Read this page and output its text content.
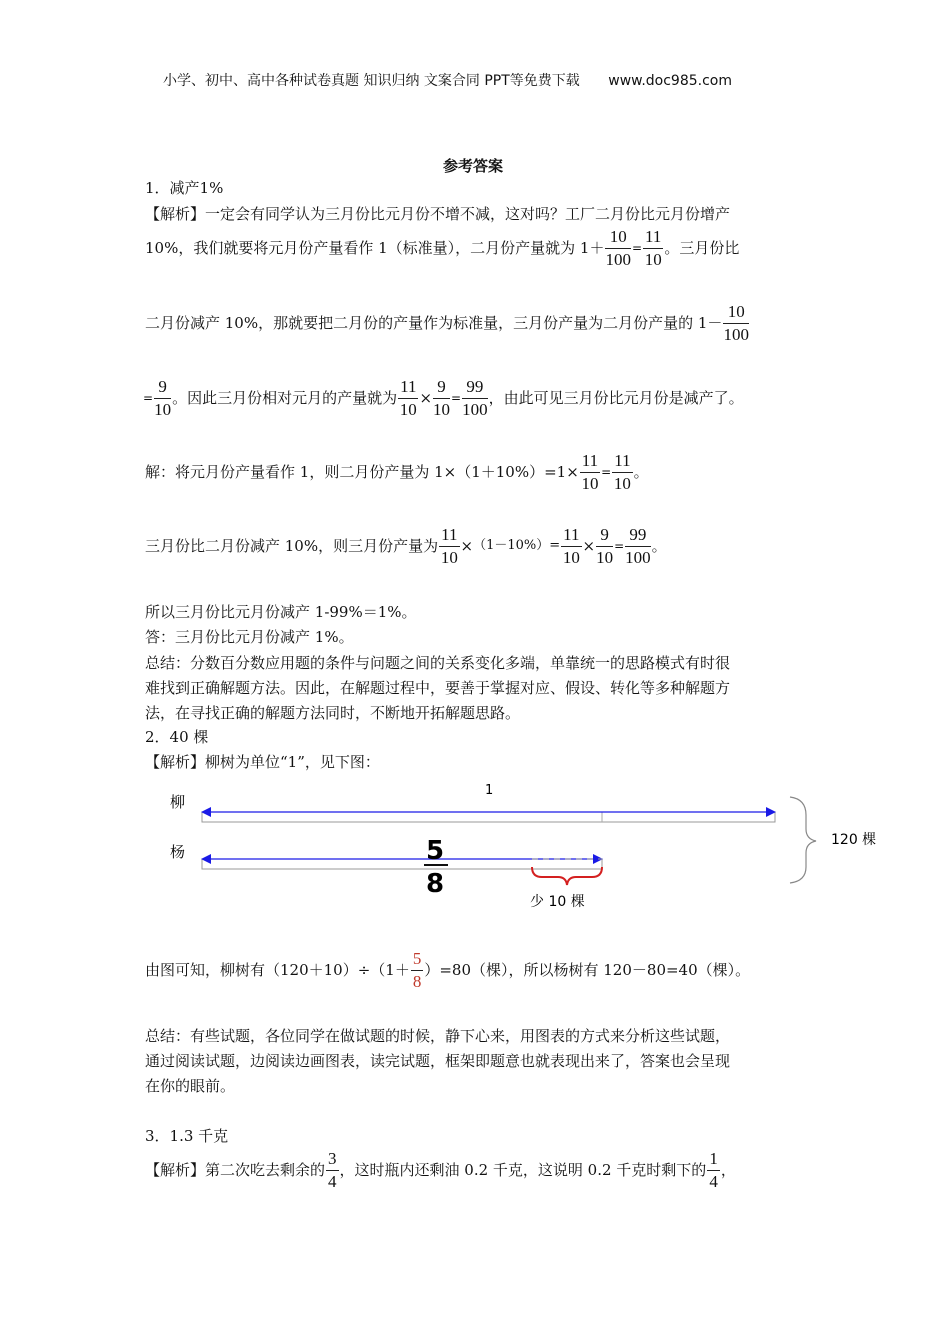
小学、初中、高中各种试卷真题 知识归纳 文案合同 PPT等免费下载 www.doc985.com
参考答案
1．减产1%
【解析】一定会有同学认为三月份比元月份不增不减，这对吗？工厂二月份比元月份增产
10%，我们就要将元月份产量看作 1（标准量），二月份产量就为 $1+ \frac{10}{100} = \frac{11}{10}$ 。三月份比
二月份减产 10%，那就要把二月份的产量作为标准量，三月份产量为二月份产量的 $1- \frac{10}{100}$
= $\frac{9}{10}$ 。因此三月份相对元月的产量就为 $\frac{11}{10} \times \frac{9}{10} = \frac{99}{100}$ ，由此可见三月份比元月份是减产了。
解：将元月份产量看作 1，则二月份产量为 $1\times(1+10\%)=1\times \frac{11}{10} = \frac{11}{10}$ 。
三月份比二月份减产 10%，则三月份产量为 $\frac{11}{10} \times(1-10\%)= \frac{11}{10} \times \frac{9}{10} = \frac{99}{100}$ 。
所以三月份比元月份减产 1-99%＝1%。
答：三月份比元月份减产 1%。
总结：分数百分数应用题的条件与问题之间的关系变化多端，单靠统一的思路模式有时很
难找到正确解题方法。因此，在解题过程中，要善于掌握对应、假设、转化等多种解题方
法，在寻找正确的解题方法同时，不断地开拓解题思路。
2．40 棵
【解析】柳树为单位“1”，见下图：
柳
杨
1
5
8
少 10 棵
120 棵
由图可知，柳树有$(120+10)\div(1+ \frac{5}{8} )=80$（棵），所以杨树有 120－80=40（棵）。
总结：有些试题，各位同学在做试题的时候，静下心来，用图表的方式来分析这些试题，
通过阅读试题，边阅读边画图表，读完试题，框架即题意也就表现出来了，答案也会呈现
在你的眼前。
3．1.3 千克
【解析】第二次吃去剩余的 $\frac{3}{4}$ ，这时瓶内还剩油 0.2 千克，这说明 0.2 千克时剩下的 $\frac{1}{4}$ ，
